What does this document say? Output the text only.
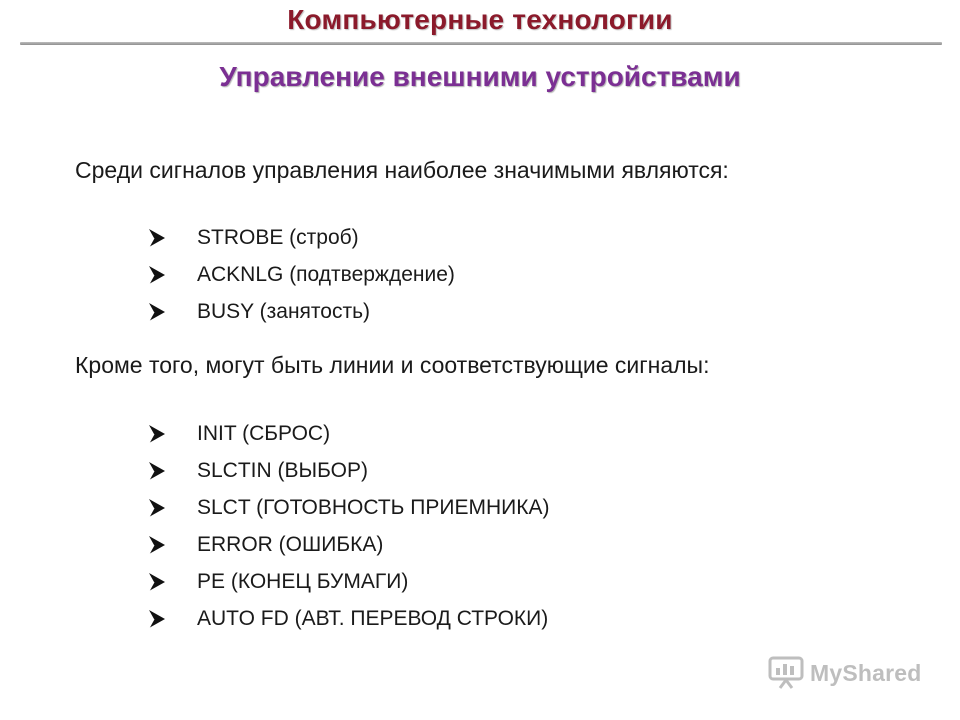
Компьютерные технологии
Управление внешними устройствами
Среди сигналов управления наиболее значимыми являются:
STROBE (строб)
ACKNLG (подтверждение)
BUSY (занятость)
Кроме того, могут быть линии и соответствующие сигналы:
INIT (СБРОС)
SLCTIN (ВЫБОР)
SLCT (ГОТОВНОСТЬ ПРИЕМНИКА)
ERROR (ОШИБКА)
PE (КОНЕЦ БУМАГИ)
AUTO FD (АВТ. ПЕРЕВОД СТРОКИ)
MyShared
